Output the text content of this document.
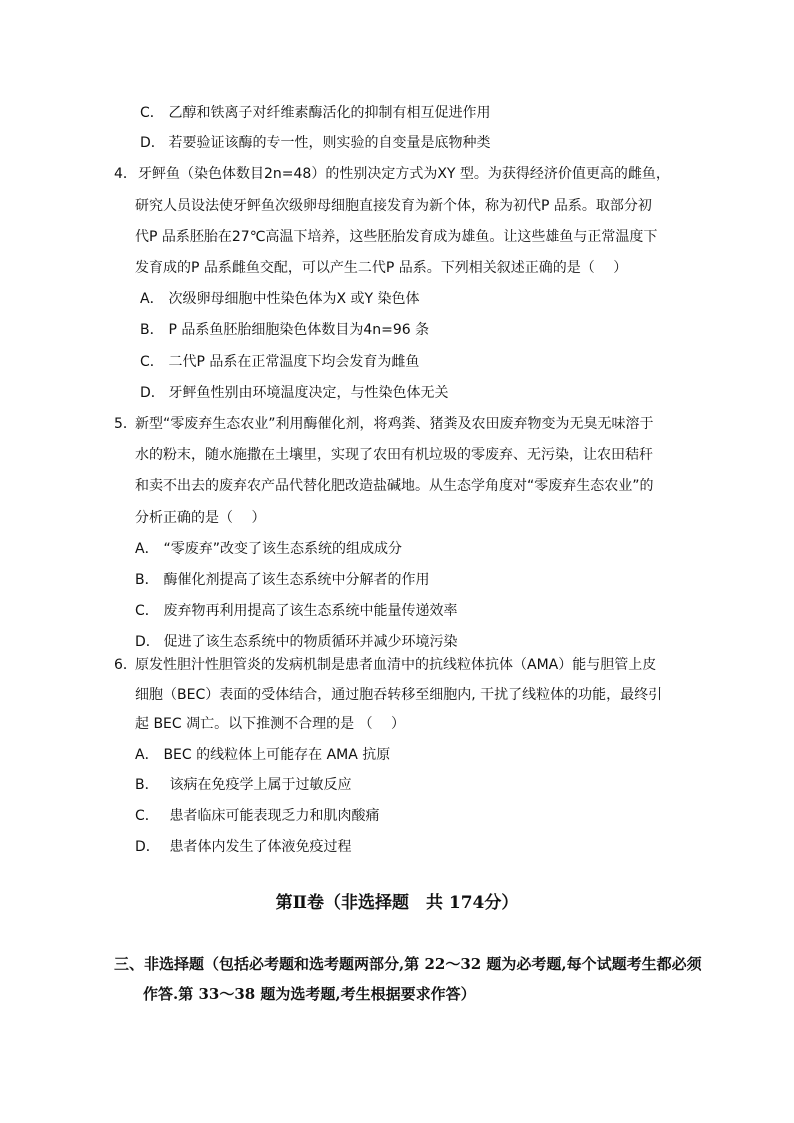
C． 乙醇和铁离子对纤维素酶活化的抑制有相互促进作用
D． 若要验证该酶的专一性，则实验的自变量是底物种类
4． 牙鲆鱼（染色体数目2n=48）的性别决定方式为XY 型。为获得经济价值更高的雌鱼，
研究人员设法使牙鲆鱼次级卵母细胞直接发育为新个体，称为初代P 品系。取部分初
代P 品系胚胎在27℃高温下培养，这些胚胎发育成为雄鱼。让这些雄鱼与正常温度下
发育成的P 品系雌鱼交配，可以产生二代P 品系。下列相关叙述正确的是（　 ）
A． 次级卵母细胞中性染色体为X 或Y 染色体
B． P 品系鱼胚胎细胞染色体数目为4n=96 条
C． 二代P 品系在正常温度下均会发育为雌鱼
D． 牙鲆鱼性别由环境温度决定，与性染色体无关
5．
新型“零废弃生态农业”利用酶催化剂，将鸡粪、猪粪及农田废弃物变为无臭无味溶于
水的粉末，随水施撒在土壤里，实现了农田有机垃圾的零废弃、无污染，让农田秸秆
和卖不出去的废弃农产品代替化肥改造盐碱地。从生态学角度对“零废弃生态农业”的
分析正确的是（　 ）
A． “零废弃”改变了该生态系统的组成成分
B． 酶催化剂提高了该生态系统中分解者的作用
C． 废弃物再利用提高了该生态系统中能量传递效率
D． 促进了该生态系统中的物质循环并减少环境污染
6．
原发性胆汁性胆管炎的发病机制是患者血清中的抗线粒体抗体（AMA）能与胆管上皮
细胞（BEC）表面的受体结合，通过胞吞转移至细胞内, 干扰了线粒体的功能，最终引
起 BEC 凋亡。以下推测不合理的是 （　 ）
A． BEC 的线粒体上可能存在 AMA 抗原
B． 该病在免疫学上属于过敏反应
C． 患者临床可能表现乏力和肌肉酸痛
D． 患者体内发生了体液免疫过程
第Ⅱ卷（非选择题　共 174分）
三、非选择题（包括必考题和选考题两部分,第 22～32 题为必考题,每个试题考生都必须
作答.第 33～38 题为选考题,考生根据要求作答）
